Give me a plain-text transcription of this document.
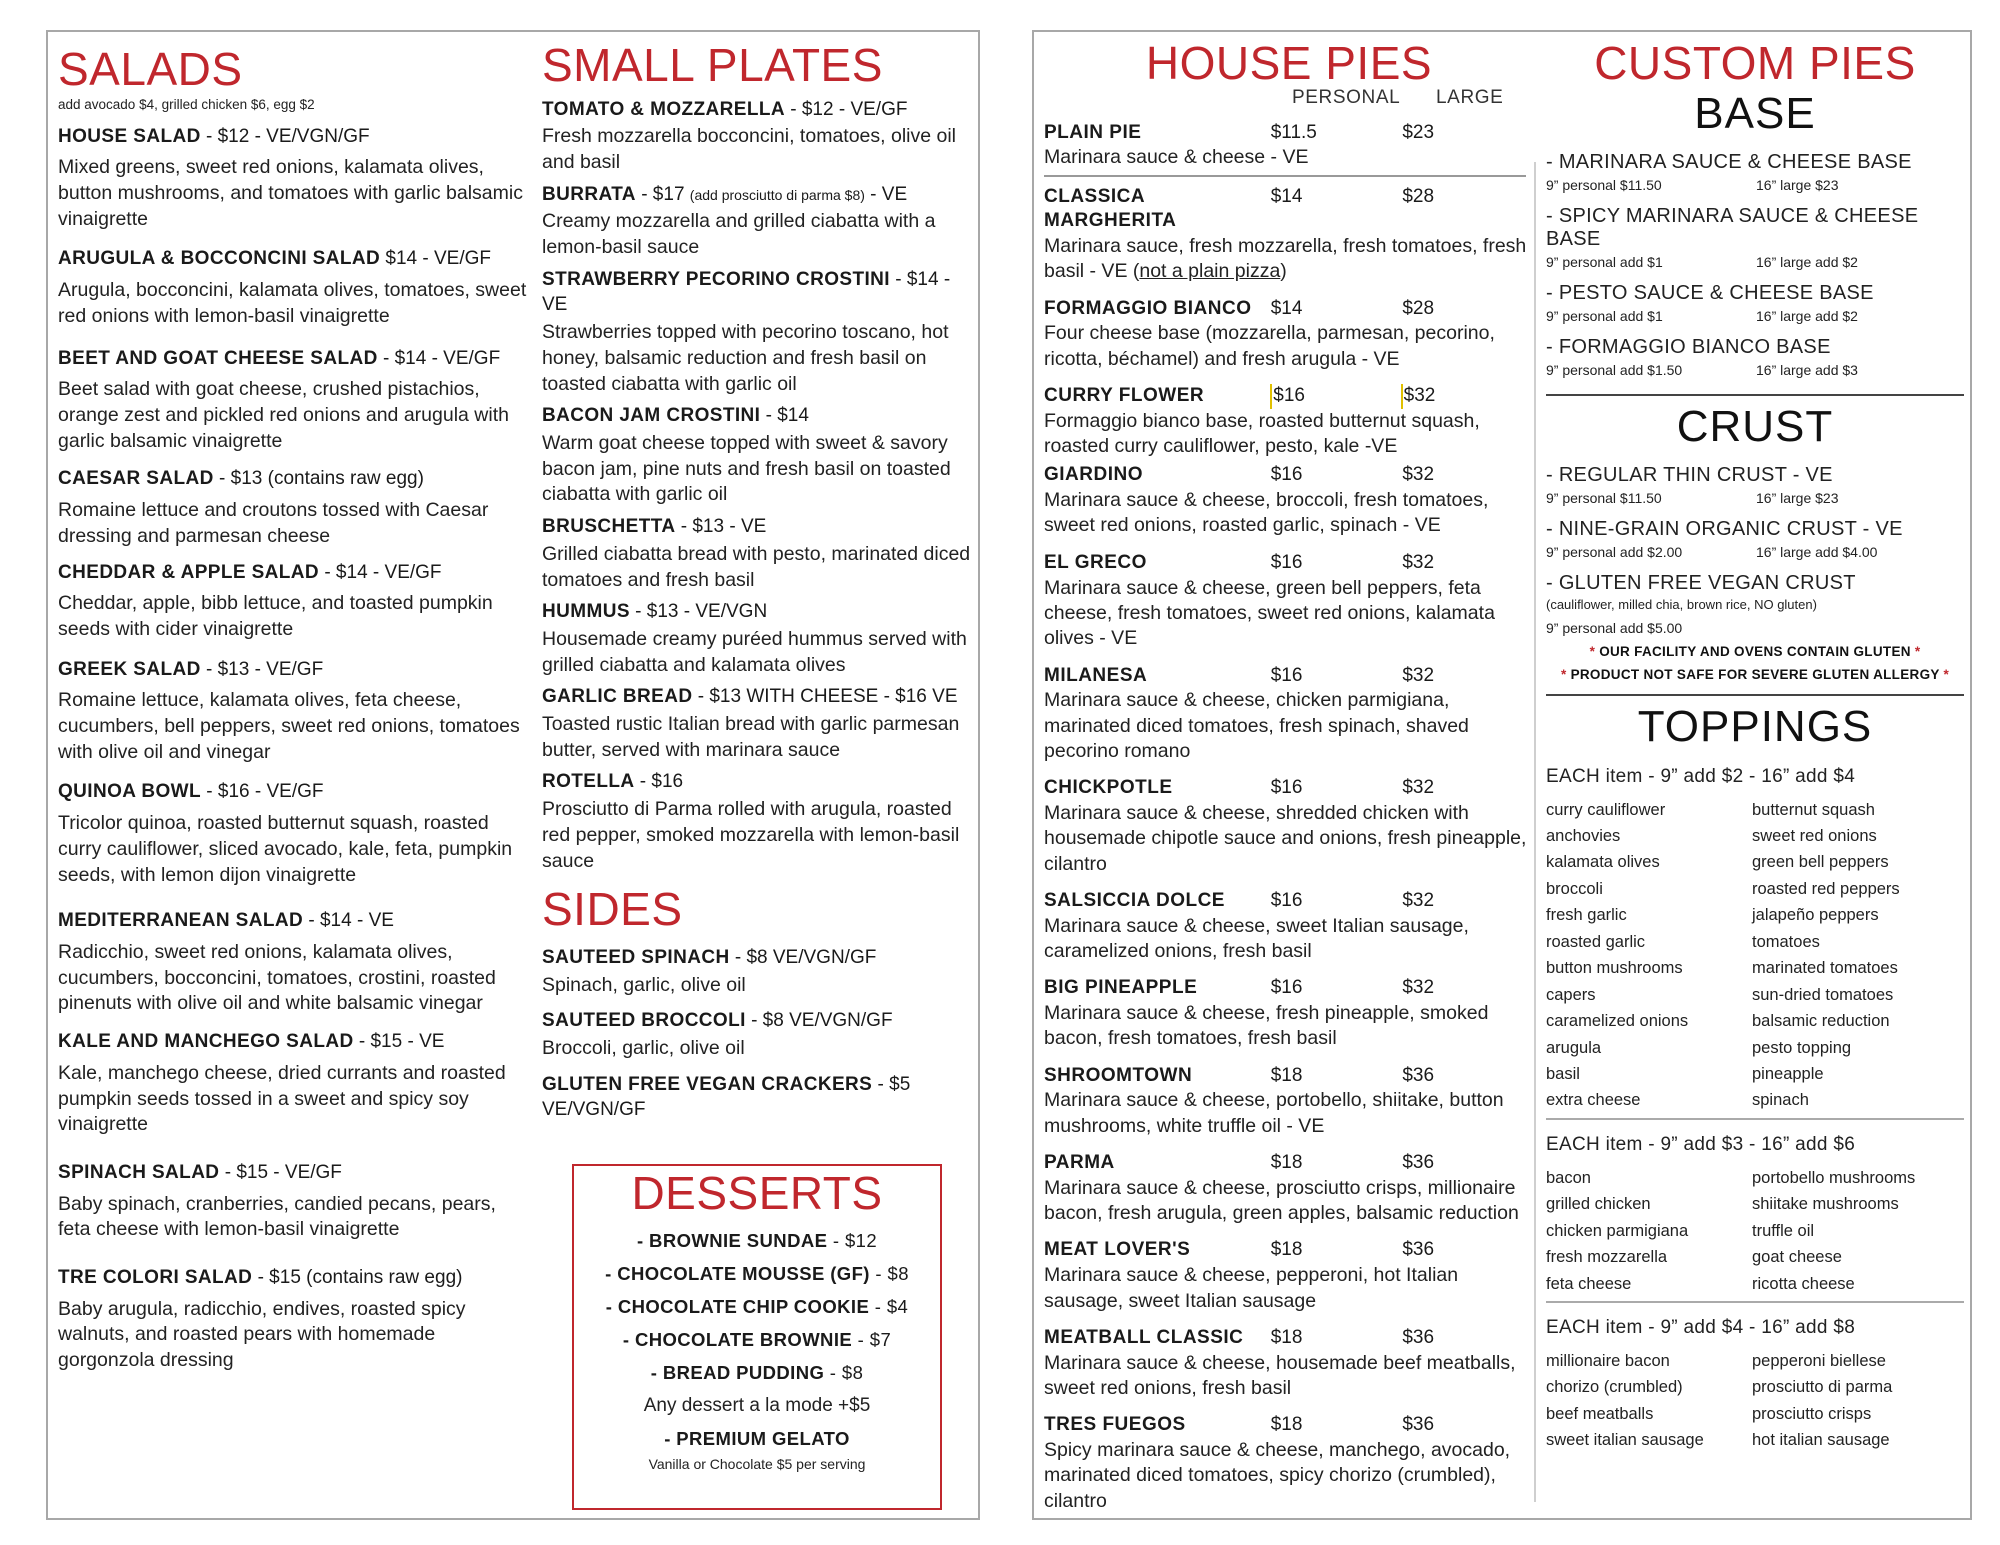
SALADS
add avocado $4, grilled chicken $6, egg $2
HOUSE SALAD - $12 - VE/VGN/GF
Mixed greens, sweet red onions, kalamata olives, button mushrooms, and tomatoes with garlic balsamic vinaigrette
ARUGULA & BOCCONCINI SALAD $14 - VE/GF
Arugula, bocconcini, kalamata olives, tomatoes, sweet red onions with lemon-basil vinaigrette
BEET AND GOAT CHEESE SALAD - $14 - VE/GF
Beet salad with goat cheese, crushed pistachios, orange zest and pickled red onions and arugula with garlic balsamic vinaigrette
CAESAR SALAD - $13 (contains raw egg)
Romaine lettuce and croutons tossed with Caesar dressing and parmesan cheese
CHEDDAR & APPLE SALAD - $14 - VE/GF
Cheddar, apple, bibb lettuce, and toasted pumpkin seeds with cider vinaigrette
GREEK SALAD - $13 - VE/GF
Romaine lettuce, kalamata olives, feta cheese, cucumbers, bell peppers, sweet red onions, tomatoes with olive oil and vinegar
QUINOA BOWL - $16 - VE/GF
Tricolor quinoa, roasted butternut squash, roasted curry cauliflower, sliced avocado, kale, feta, pumpkin seeds, with lemon dijon vinaigrette
MEDITERRANEAN SALAD - $14 - VE
Radicchio, sweet red onions, kalamata olives, cucumbers, bocconcini, tomatoes, crostini, roasted pinenuts with olive oil and white balsamic vinegar
KALE AND MANCHEGO SALAD - $15 - VE
Kale, manchego cheese, dried currants and roasted pumpkin seeds tossed in a sweet and spicy soy vinaigrette
SPINACH SALAD - $15 - VE/GF
Baby spinach, cranberries, candied pecans, pears, feta cheese with lemon-basil vinaigrette
TRE COLORI SALAD - $15 (contains raw egg)
Baby arugula, radicchio, endives, roasted spicy walnuts, and roasted pears with homemade gorgonzola dressing
SMALL PLATES
TOMATO & MOZZARELLA - $12 - VE/GF
Fresh mozzarella bocconcini, tomatoes, olive oil and basil
BURRATA - $17 (add prosciutto di parma $8) - VE
Creamy mozzarella and grilled ciabatta with a lemon-basil sauce
STRAWBERRY PECORINO CROSTINI - $14 - VE
Strawberries topped with pecorino toscano, hot honey, balsamic reduction and fresh basil on toasted ciabatta with garlic oil
BACON JAM CROSTINI - $14
Warm goat cheese topped with sweet & savory bacon jam, pine nuts and fresh basil on toasted ciabatta with garlic oil
BRUSCHETTA - $13 - VE
Grilled ciabatta bread with pesto, marinated diced tomatoes and fresh basil
HUMMUS - $13 - VE/VGN
Housemade creamy puréed hummus served with grilled ciabatta and kalamata olives
GARLIC BREAD - $13 WITH CHEESE - $16 VE
Toasted rustic Italian bread with garlic parmesan butter, served with marinara sauce
ROTELLA - $16
Prosciutto di Parma rolled with arugula, roasted red pepper, smoked mozzarella with lemon-basil sauce
SIDES
SAUTEED SPINACH - $8 VE/VGN/GF
Spinach, garlic, olive oil
SAUTEED BROCCOLI - $8 VE/VGN/GF
Broccoli, garlic, olive oil
GLUTEN FREE VEGAN CRACKERS - $5 VE/VGN/GF
DESSERTS
- BROWNIE SUNDAE - $12
- CHOCOLATE MOUSSE (GF) - $8
- CHOCOLATE CHIP COOKIE - $4
- CHOCOLATE BROWNIE - $7
- BREAD PUDDING - $8
Any dessert a la mode +$5
- PREMIUM GELATO
Vanilla or Chocolate $5 per serving
HOUSE PIES
PERSONAL	LARGE
PLAIN PIE	$11.5	$23
Marinara sauce & cheese - VE
CLASSICA MARGHERITA
$14	$28
Marinara sauce, fresh mozzarella, fresh tomatoes, fresh basil - VE (not a plain pizza)
FORMAGGIO BIANCO	$14	$28
Four cheese base (mozzarella, parmesan, pecorino, ricotta, béchamel) and fresh arugula - VE
CURRY FLOWER	$16	$32
Formaggio bianco base, roasted butternut squash, roasted curry cauliflower, pesto, kale -VE
GIARDINO	$16	$32
Marinara sauce & cheese, broccoli, fresh tomatoes, sweet red onions, roasted garlic, spinach - VE
EL GRECO	$16	$32
Marinara sauce & cheese, green bell peppers, feta cheese, fresh tomatoes, sweet red onions, kalamata olives - VE
MILANESA	$16	$32
Marinara sauce & cheese, chicken parmigiana, marinated diced tomatoes, fresh spinach, shaved pecorino romano
CHICKPOTLE	$16	$32
Marinara sauce & cheese, shredded chicken with housemade chipotle sauce and onions, fresh pineapple, cilantro
SALSICCIA DOLCE	$16	$32
Marinara sauce & cheese, sweet Italian sausage, caramelized onions, fresh basil
BIG PINEAPPLE	$16	$32
Marinara sauce & cheese, fresh pineapple, smoked bacon, fresh tomatoes, fresh basil
SHROOMTOWN	$18	$36
Marinara sauce & cheese, portobello, shiitake, button mushrooms, white truffle oil - VE
PARMA	$18	$36
Marinara sauce & cheese, prosciutto crisps, millionaire bacon, fresh arugula, green apples, balsamic reduction
MEAT LOVER'S	$18	$36
Marinara sauce & cheese, pepperoni, hot Italian sausage, sweet Italian sausage
MEATBALL CLASSIC	$18	$36
Marinara sauce & cheese, housemade beef meatballs, sweet red onions, fresh basil
TRES FUEGOS	$18	$36
Spicy marinara sauce & cheese, manchego, avocado, marinated diced tomatoes, spicy chorizo (crumbled), cilantro
CUSTOM PIES
BASE
- MARINARA SAUCE & CHEESE BASE
9” personal $11.50	16” large $23
- SPICY MARINARA SAUCE & CHEESE BASE
9” personal add $1	16” large add $2
- PESTO SAUCE & CHEESE BASE
9” personal add $1	16” large add $2
- FORMAGGIO BIANCO BASE
9” personal add $1.50	16” large add $3
CRUST
- REGULAR THIN CRUST - VE
9” personal $11.50	16” large $23
- NINE-GRAIN ORGANIC CRUST - VE
9” personal add $2.00	16” large add $4.00
- GLUTEN FREE VEGAN CRUST
(cauliflower, milled chia, brown rice, NO gluten)
9” personal add $5.00
* OUR FACILITY AND OVENS CONTAIN GLUTEN *
* PRODUCT NOT SAFE FOR SEVERE GLUTEN ALLERGY *
TOPPINGS
EACH item - 9” add $2 - 16” add $4
curry cauliflower	butternut squash
anchovies	sweet red onions
kalamata olives	green bell peppers
broccoli	roasted red peppers
fresh garlic	jalapeño peppers
roasted garlic	tomatoes
button mushrooms	marinated tomatoes
capers	sun-dried tomatoes
caramelized onions	balsamic reduction
arugula	pesto topping
basil	pineapple
extra cheese	spinach
EACH item - 9” add $3 - 16” add $6
bacon	portobello mushrooms
grilled chicken	shiitake mushrooms
chicken parmigiana	truffle oil
fresh mozzarella	goat cheese
feta cheese	ricotta cheese
EACH item - 9” add $4 - 16” add $8
millionaire bacon	pepperoni biellese
chorizo (crumbled)	prosciutto di parma
beef meatballs	prosciutto crisps
sweet italian sausage	hot italian sausage
